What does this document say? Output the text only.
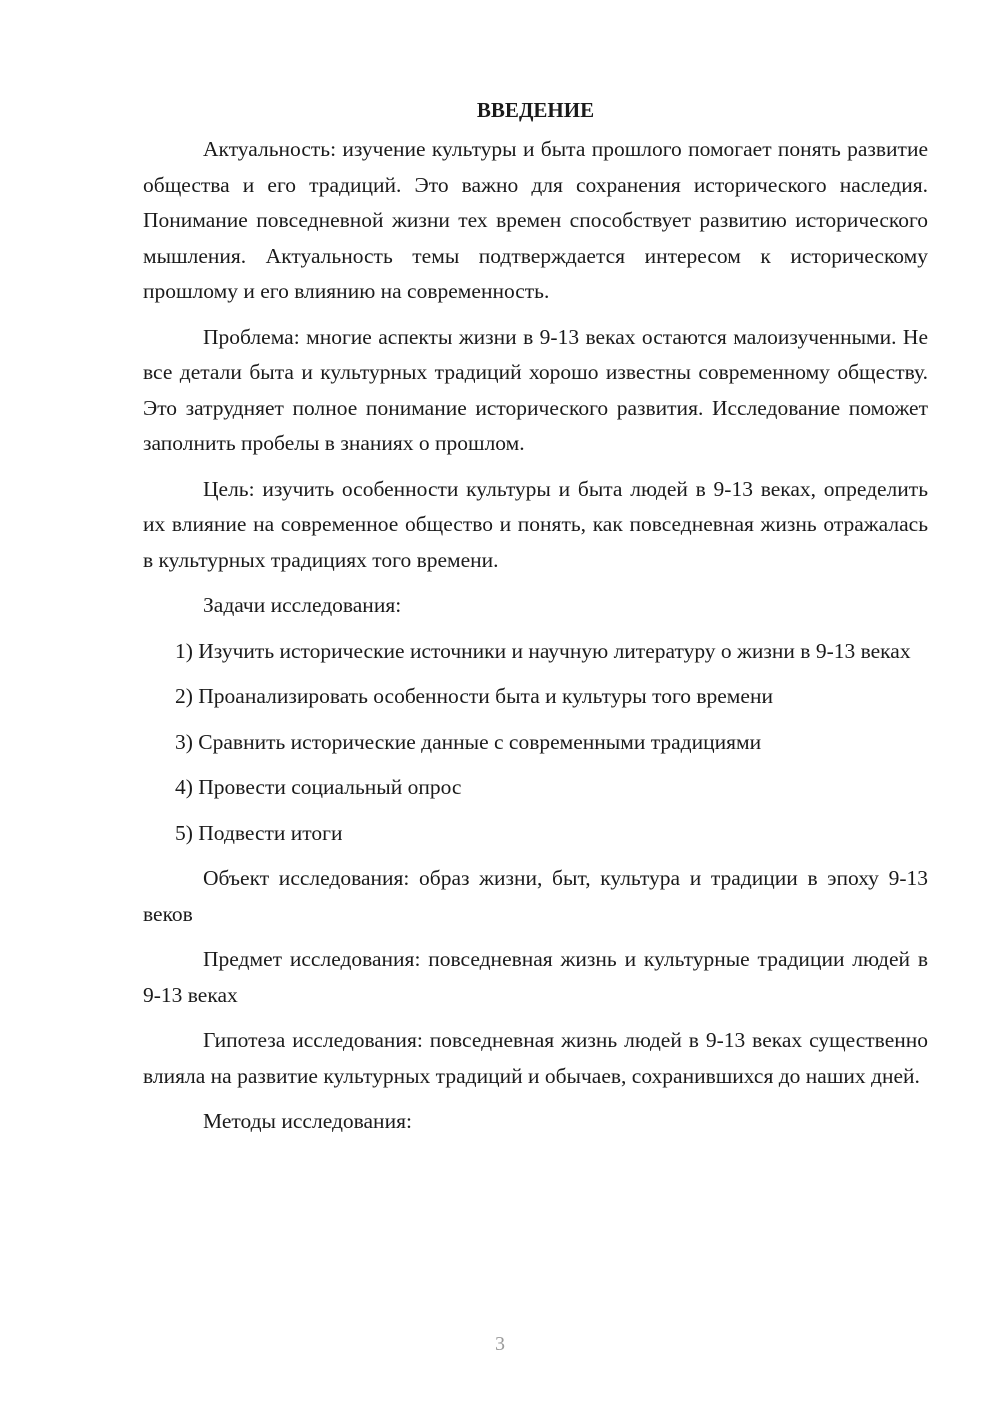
ВВЕДЕНИЕ

Актуальность: изучение культуры и быта прошлого помогает понять развитие общества и его традиций. Это важно для сохранения исторического наследия. Понимание повседневной жизни тех времен способствует развитию исторического мышления. Актуальность темы подтверждается интересом к историческому прошлому и его влиянию на современность.

Проблема: многие аспекты жизни в 9-13 веках остаются малоизученными. Не все детали быта и культурных традиций хорошо известны современному обществу. Это затрудняет полное понимание исторического развития. Исследование поможет заполнить пробелы в знаниях о прошлом.

Цель: изучить особенности культуры и быта людей в 9-13 веках, определить их влияние на современное общество и понять, как повседневная жизнь отражалась в культурных традициях того времени.

Задачи исследования:

1) Изучить исторические источники и научную литературу о жизни в 9-13 веках

2) Проанализировать особенности быта и культуры того времени

3) Сравнить исторические данные с современными традициями

4) Провести социальный опрос

5) Подвести итоги

Объект исследования: образ жизни, быт, культура и традиции в эпоху 9-13 веков

Предмет исследования: повседневная жизнь и культурные традиции людей в 9-13 веках

Гипотеза исследования: повседневная жизнь людей в 9-13 веках существенно влияла на развитие культурных традиций и обычаев, сохранившихся до наших дней.

Методы исследования:

3
